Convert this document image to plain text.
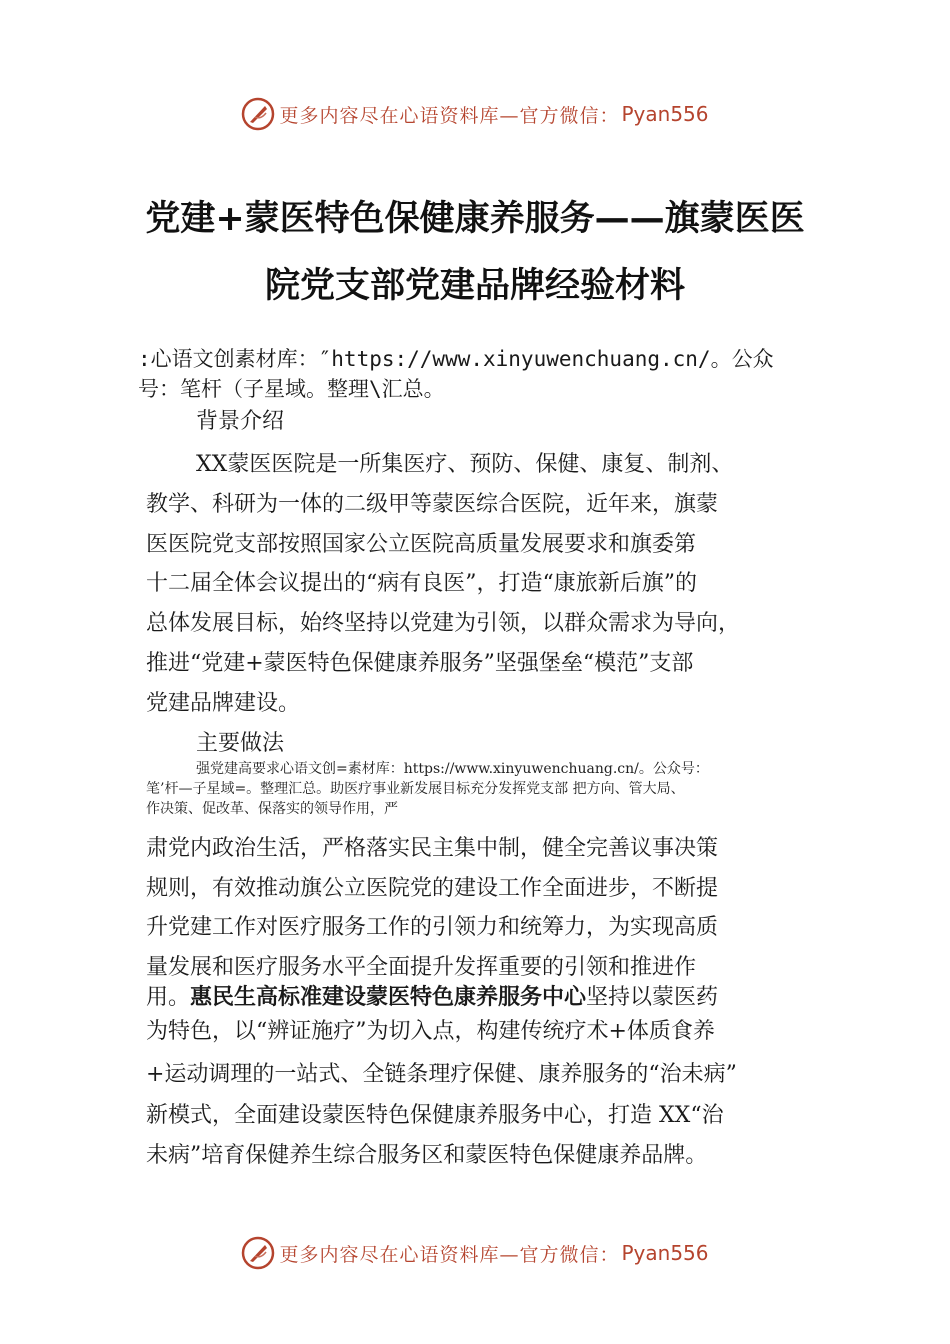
更多内容尽在心语资料库—官方微信： Pyan556
党建+蒙医特色保健康养服务——旗蒙医医
院党支部党建品牌经验材料
:心语文创素材库：″https://www.xinyuwenchuang.cn/。公众
号：笔杆（子星域。整理\汇总。
背景介绍
XX蒙医医院是一所集医疗、预防、保健、康复、制剂、
教学、科研为一体的二级甲等蒙医综合医院，近年来，旗蒙
医医院党支部按照国家公立医院高质量发展要求和旗委第
十二届全体会议提出的“病有良医”，打造“康旅新后旗”的
总体发展目标，始终坚持以党建为引领，以群众需求为导向，
推进“党建+蒙医特色保健康养服务”坚强堡垒“模范”支部
党建品牌建设。
主要做法
强党建高要求心语文创=素材库：https://www.xinyuwenchuang.cn/。公众号：
笔’杆—子星域=。整理汇总。助医疗事业新发展目标充分发挥党支部 把方向、管大局、
作决策、促改革、保落实的领导作用，严
肃党内政治生活，严格落实民主集中制，健全完善议事决策
规则，有效推动旗公立医院党的建设工作全面进步，不断提
升党建工作对医疗服务工作的引领力和统筹力，为实现高质
量发展和医疗服务水平全面提升发挥重要的引领和推进作
用。惠民生高标准建设蒙医特色康养服务中心坚持以蒙医药
为特色，以“辨证施疗”为切入点，构建传统疗术+体质食养
+运动调理的一站式、全链条理疗保健、康养服务的“治未病”
新模式，全面建设蒙医特色保健康养服务中心，打造 XX“治
未病”培育保健养生综合服务区和蒙医特色保健康养品牌。
更多内容尽在心语资料库—官方微信： Pyan556
